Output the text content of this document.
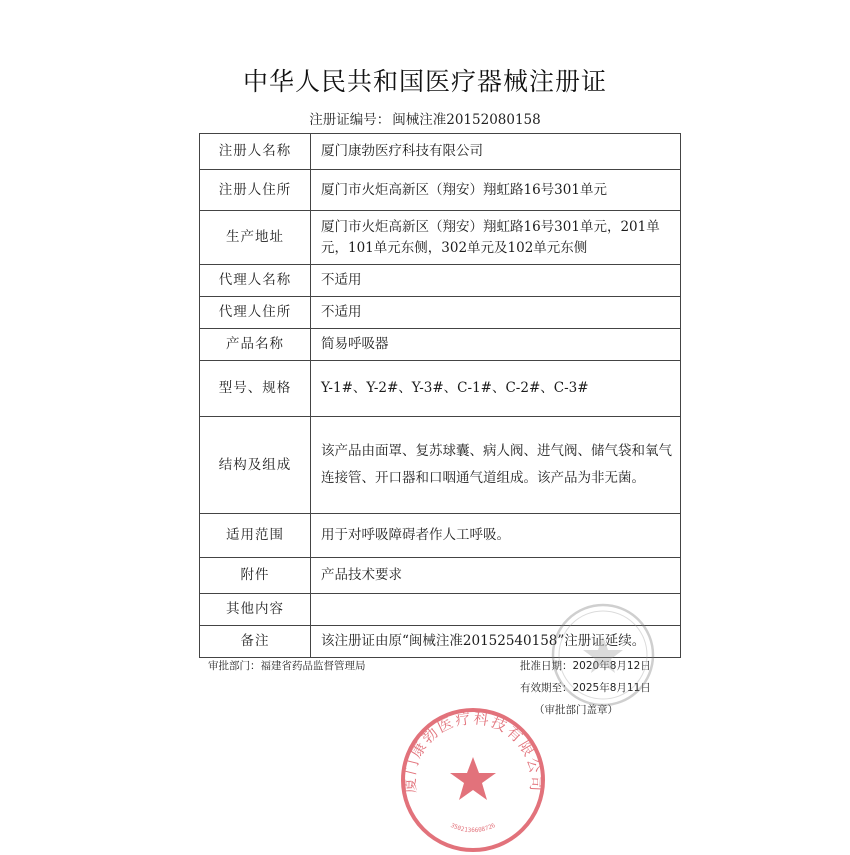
中华人民共和国医疗器械注册证
注册证编号： 闽械注准20152080158
注册人名称	厦门康勃医疗科技有限公司
注册人住所	厦门市火炬高新区（翔安）翔虹路16号301单元
生产地址	厦门市火炬高新区（翔安）翔虹路16号301单元，201单元，101单元东侧，302单元及102单元东侧
代理人名称	不适用
代理人住所	不适用
产品名称	简易呼吸器
型号、规格	Y-1#、Y-2#、Y-3#、C-1#、C-2#、C-3#
结构及组成	该产品由面罩、复苏球囊、病人阀、进气阀、储气袋和氧气连接管、开口器和口咽通气道组成。该产品为非无菌。
适用范围	用于对呼吸障碍者作人工呼吸。
附件	产品技术要求
其他内容	
备注	该注册证由原“闽械注准20152540158”注册证延续。
审批部门：福建省药品监督管理局	批准日期：2020年8月12日
有效期至：2025年8月11日
（审批部门盖章）
厦门康勃医疗科技有限公司
3502136608726
